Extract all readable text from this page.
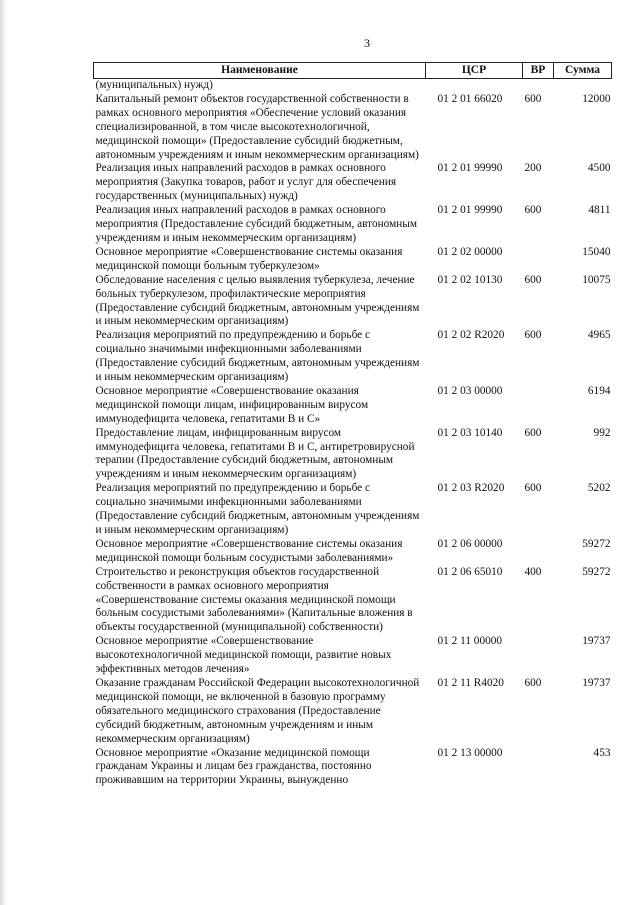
3
Наименование	ЦСР	ВР	Сумма
(муниципальных) нужд)			
Капитальный ремонт объектов государственной собственности в рамках основного мероприятия «Обеспечение условий оказания специализированной, в том числе высокотехнологичной, медицинской помощи» (Предоставление субсидий бюджетным, автономным учреждениям и иным некоммерческим организациям)	01 2 01 66020	600	12000
Реализация иных направлений расходов в рамках основного мероприятия (Закупка товаров, работ и услуг для обеспечения государственных (муниципальных) нужд)	01 2 01 99990	200	4500
Реализация иных направлений расходов в рамках основного мероприятия (Предоставление субсидий бюджетным, автономным учреждениям и иным некоммерческим организациям)	01 2 01 99990	600	4811
Основное мероприятие «Совершенствование системы оказания медицинской помощи больным туберкулезом»	01 2 02 00000		15040
Обследование населения с целью выявления туберкулеза, лечение больных туберкулезом, профилактические мероприятия (Предоставление субсидий бюджетным, автономным учреждениям и иным некоммерческим организациям)	01 2 02 10130	600	10075
Реализация мероприятий по предупреждению и борьбе с социально значимыми инфекционными заболеваниями (Предоставление субсидий бюджетным, автономным учреждениям и иным некоммерческим организациям)	01 2 02 R2020	600	4965
Основное мероприятие «Совершенствование оказания медицинской помощи лицам, инфицированным вирусом иммунодефицита человека, гепатитами В и С»	01 2 03 00000		6194
Предоставление лицам, инфицированным вирусом иммунодефицита человека, гепатитами В и С, антиретровирусной терапии (Предоставление субсидий бюджетным, автономным учреждениям и иным некоммерческим организациям)	01 2 03 10140	600	992
Реализация мероприятий по предупреждению и борьбе с социально значимыми инфекционными заболеваниями (Предоставление субсидий бюджетным, автономным учреждениям и иным некоммерческим организациям)	01 2 03 R2020	600	5202
Основное мероприятие «Совершенствование системы оказания медицинской помощи больным сосудистыми заболеваниями»	01 2 06 00000		59272
Строительство и реконструкция объектов государственной собственности в рамках основного мероприятия «Совершенствование системы оказания медицинской помощи больным сосудистыми заболеваниями» (Капитальные вложения в объекты государственной (муниципальной) собственности)	01 2 06 65010	400	59272
Основное мероприятие «Совершенствование высокотехнологичной медицинской помощи, развитие новых эффективных методов лечения»	01 2 11 00000		19737
Оказание гражданам Российской Федерации высокотехнологичной медицинской помощи, не включенной в базовую программу обязательного медицинского страхования (Предоставление субсидий бюджетным, автономным учреждениям и иным некоммерческим организациям)	01 2 11 R4020	600	19737
Основное мероприятие «Оказание медицинской помощи гражданам Украины и лицам без гражданства, постоянно проживавшим на территории Украины, вынужденно	01 2 13 00000		453
